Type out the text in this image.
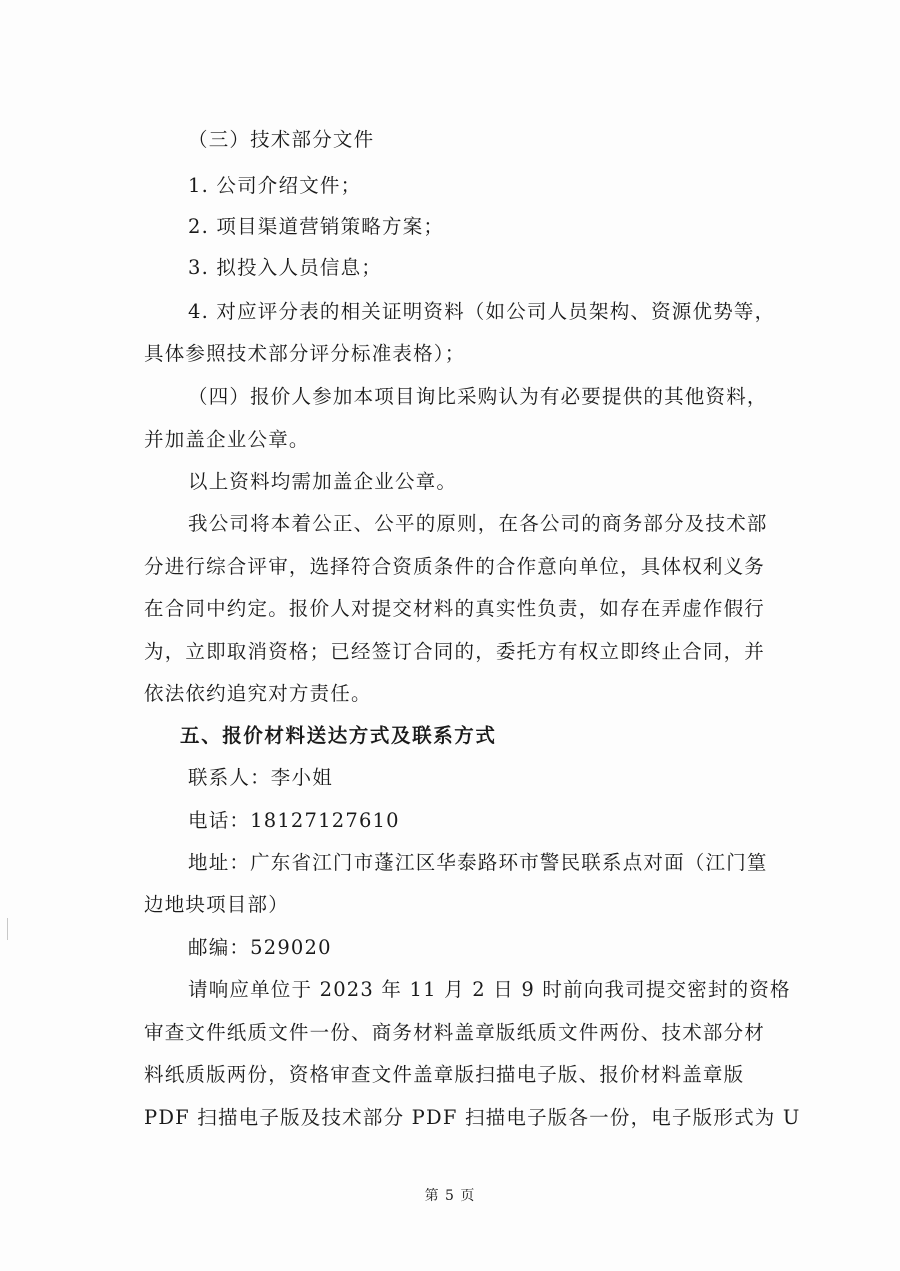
（三）技术部分文件
1. 公司介绍文件；
2. 项目渠道营销策略方案；
3. 拟投入人员信息；
4. 对应评分表的相关证明资料（如公司人员架构、资源优势等，
具体参照技术部分评分标准表格）；
（四）报价人参加本项目询比采购认为有必要提供的其他资料，
并加盖企业公章。
以上资料均需加盖企业公章。
我公司将本着公正、公平的原则，在各公司的商务部分及技术部
分进行综合评审，选择符合资质条件的合作意向单位，具体权利义务
在合同中约定。报价人对提交材料的真实性负责，如存在弄虚作假行
为，立即取消资格；已经签订合同的，委托方有权立即终止合同，并
依法依约追究对方责任。
五、报价材料送达方式及联系方式
联系人：李小姐
电话：18127127610
地址：广东省江门市蓬江区华泰路环市警民联系点对面（江门篁
边地块项目部）
邮编：529020
请响应单位于 2023 年 11 月 2 日 9 时前向我司提交密封的资格
审查文件纸质文件一份、商务材料盖章版纸质文件两份、技术部分材
料纸质版两份，资格审查文件盖章版扫描电子版、报价材料盖章版
PDF 扫描电子版及技术部分 PDF 扫描电子版各一份，电子版形式为 U
第 5 页
